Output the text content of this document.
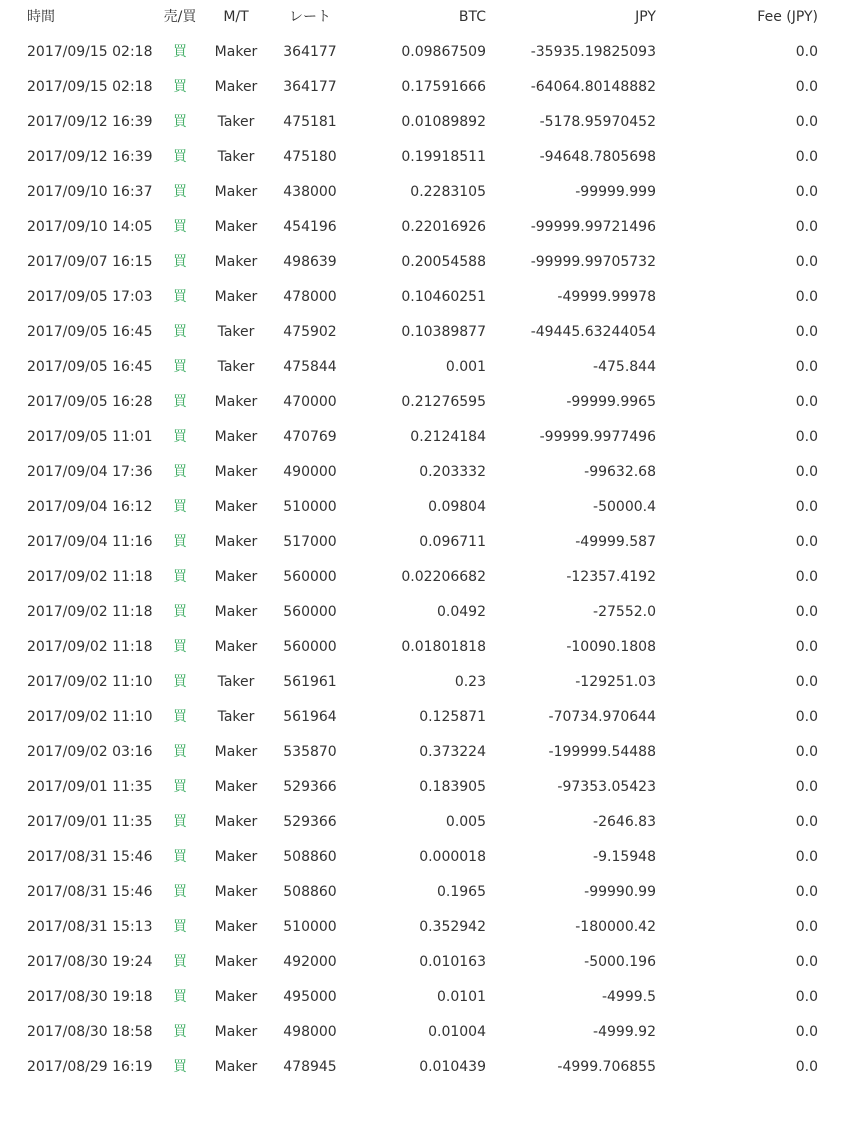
時間	売/買	M/T	レート	BTC	JPY	Fee (JPY)
2017/09/15 02:18	買	Maker	364177	0.09867509	-35935.19825093	0.0
2017/09/15 02:18	買	Maker	364177	0.17591666	-64064.80148882	0.0
2017/09/12 16:39	買	Taker	475181	0.01089892	-5178.95970452	0.0
2017/09/12 16:39	買	Taker	475180	0.19918511	-94648.7805698	0.0
2017/09/10 16:37	買	Maker	438000	0.2283105	-99999.999	0.0
2017/09/10 14:05	買	Maker	454196	0.22016926	-99999.99721496	0.0
2017/09/07 16:15	買	Maker	498639	0.20054588	-99999.99705732	0.0
2017/09/05 17:03	買	Maker	478000	0.10460251	-49999.99978	0.0
2017/09/05 16:45	買	Taker	475902	0.10389877	-49445.63244054	0.0
2017/09/05 16:45	買	Taker	475844	0.001	-475.844	0.0
2017/09/05 16:28	買	Maker	470000	0.21276595	-99999.9965	0.0
2017/09/05 11:01	買	Maker	470769	0.2124184	-99999.9977496	0.0
2017/09/04 17:36	買	Maker	490000	0.203332	-99632.68	0.0
2017/09/04 16:12	買	Maker	510000	0.09804	-50000.4	0.0
2017/09/04 11:16	買	Maker	517000	0.096711	-49999.587	0.0
2017/09/02 11:18	買	Maker	560000	0.02206682	-12357.4192	0.0
2017/09/02 11:18	買	Maker	560000	0.0492	-27552.0	0.0
2017/09/02 11:18	買	Maker	560000	0.01801818	-10090.1808	0.0
2017/09/02 11:10	買	Taker	561961	0.23	-129251.03	0.0
2017/09/02 11:10	買	Taker	561964	0.125871	-70734.970644	0.0
2017/09/02 03:16	買	Maker	535870	0.373224	-199999.54488	0.0
2017/09/01 11:35	買	Maker	529366	0.183905	-97353.05423	0.0
2017/09/01 11:35	買	Maker	529366	0.005	-2646.83	0.0
2017/08/31 15:46	買	Maker	508860	0.000018	-9.15948	0.0
2017/08/31 15:46	買	Maker	508860	0.1965	-99990.99	0.0
2017/08/31 15:13	買	Maker	510000	0.352942	-180000.42	0.0
2017/08/30 19:24	買	Maker	492000	0.010163	-5000.196	0.0
2017/08/30 19:18	買	Maker	495000	0.0101	-4999.5	0.0
2017/08/30 18:58	買	Maker	498000	0.01004	-4999.92	0.0
2017/08/29 16:19	買	Maker	478945	0.010439	-4999.706855	0.0
